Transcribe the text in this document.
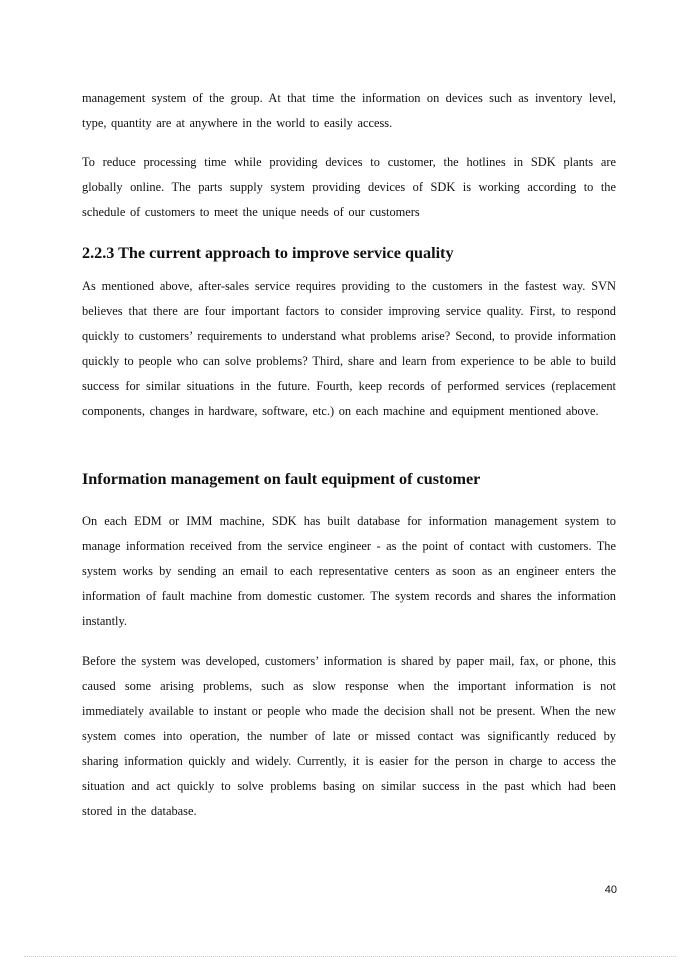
management system of the group. At that time the information on devices such as inventory level, type, quantity are at anywhere in the world to easily access.

To reduce processing time while providing devices to customer, the hotlines in SDK plants are globally online. The parts supply system providing devices of SDK is working according to the schedule of customers to meet the unique needs of our customers

2.2.3 The current approach to improve service quality

As mentioned above, after-sales service requires providing to the customers in the fastest way. SVN believes that there are four important factors to consider improving service quality. First, to respond quickly to customers’ requirements to understand what problems arise? Second, to provide information quickly to people who can solve problems? Third, share and learn from experience to be able to build success for similar situations in the future. Fourth, keep records of performed services (replacement components, changes in hardware, software, etc.) on each machine and equipment mentioned above.

Information management on fault equipment of customer

On each EDM or IMM machine, SDK has built database for information management system to manage information received from the service engineer - as the point of contact with customers. The system works by sending an email to each representative centers as soon as an engineer enters the information of fault machine from domestic customer. The system records and shares the information instantly.

Before the system was developed, customers’ information is shared by paper mail, fax, or phone, this caused some arising problems, such as slow response when the important information is not immediately available to instant or people who made the decision shall not be present. When the new system comes into operation, the number of late or missed contact was significantly reduced by sharing information quickly and widely. Currently, it is easier for the person in charge to access the situation and act quickly to solve problems basing on similar success in the past which had been stored in the database.

40
